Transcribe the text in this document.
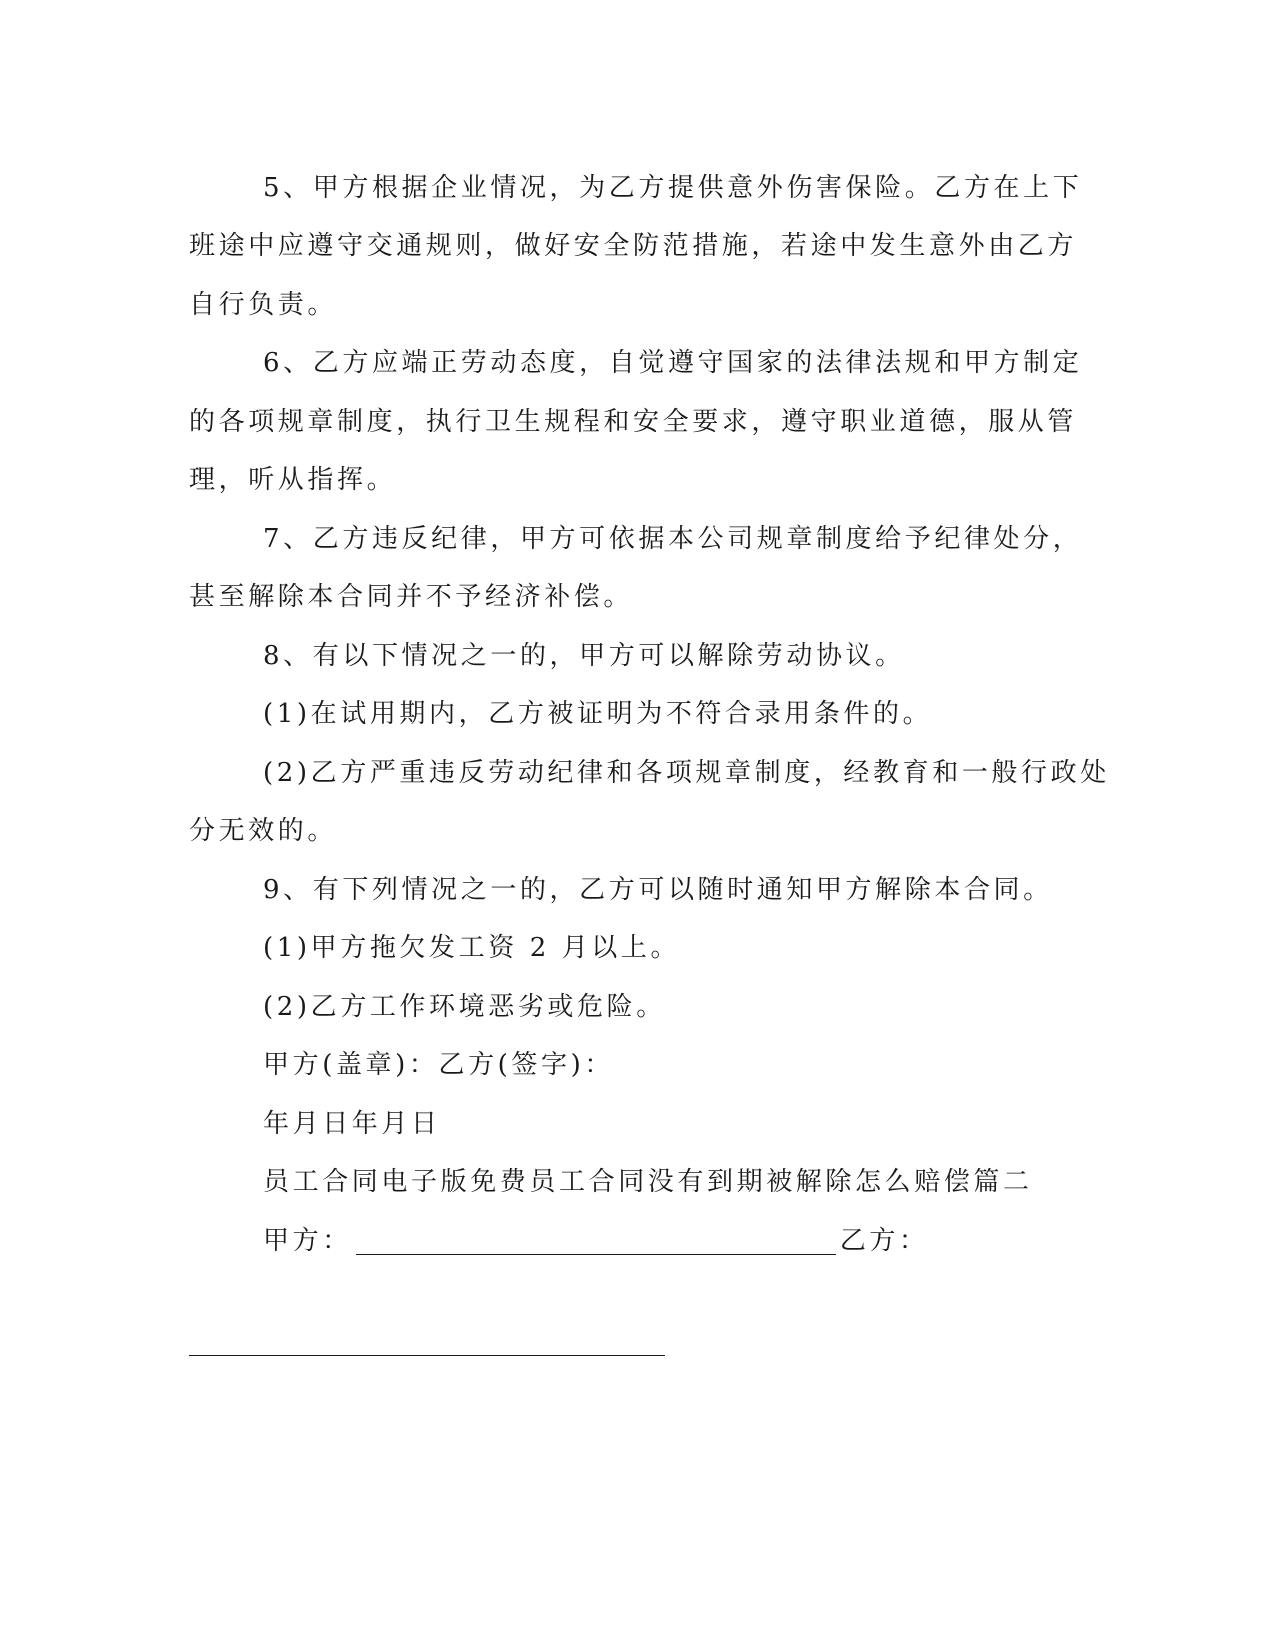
5、甲方根据企业情况，为乙方提供意外伤害保险。乙方在上下
班途中应遵守交通规则，做好安全防范措施，若途中发生意外由乙方
自行负责。
6、乙方应端正劳动态度，自觉遵守国家的法律法规和甲方制定
的各项规章制度，执行卫生规程和安全要求，遵守职业道德，服从管
理，听从指挥。
7、乙方违反纪律，甲方可依据本公司规章制度给予纪律处分，
甚至解除本合同并不予经济补偿。
8、有以下情况之一的，甲方可以解除劳动协议。
(1)在试用期内，乙方被证明为不符合录用条件的。
(2)乙方严重违反劳动纪律和各项规章制度，经教育和一般行政处
分无效的。
9、有下列情况之一的，乙方可以随时通知甲方解除本合同。
(1)甲方拖欠发工资 2 月以上。
(2)乙方工作环境恶劣或危险。
甲方(盖章)：乙方(签字)：
年月日年月日
员工合同电子版免费员工合同没有到期被解除怎么赔偿篇二
甲方：	乙方：
